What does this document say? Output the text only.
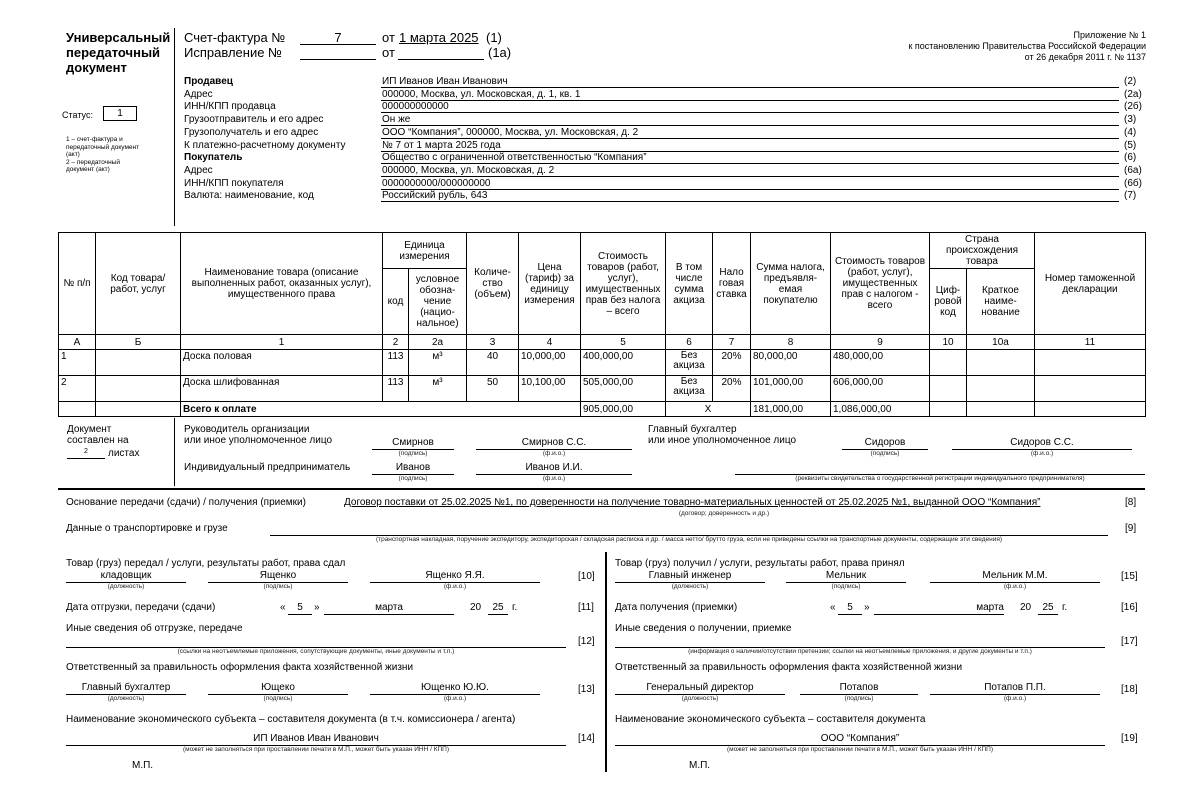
Универсальный
передаточный
документ
Статус:	1
1 – счет-фактура и
передаточный документ
(акт)
2 – передаточный
документ (акт)
Счет-фактура №	7	от 1 марта 2025 (1)
Исправление №	от	(1а)
Приложение № 1
к постановлению Правительства Российской Федерации
от 26 декабря 2011 г. № 1137
Продавец	ИП Иванов Иван Иванович	(2)
Адрес	000000, Москва, ул. Московская, д. 1, кв. 1	(2а)
ИНН/КПП продавца	000000000000	(2б)
Грузоотправитель и его адрес	Он же	(3)
Грузополучатель и его адрес	ООО “Компания”, 000000, Москва, ул. Московская, д. 2	(4)
К платежно-расчетному документу	№ 7 от 1 марта 2025 года	(5)
Покупатель	Общество с ограниченной ответственностью “Компания”	(6)
Адрес	000000, Москва, ул. Московская, д. 2	(6а)
ИНН/КПП покупателя	0000000000/000000000	(6б)
Валюта: наименование, код	Российский рубль, 643	(7)
№ п/п	Код товара/ работ, услуг	Наименование товара (описание выполненных работ, оказанных услуг), имущественного права	Единица измерения		Количе- ство (объем)	Цена (тариф) за единицу измерения	Стоимость товаров (работ, услуг), имущественных прав без налога – всего	В том числе сумма акциза	Нало говая ставка	Сумма налога, предъявля- емая покупателю	Стоимость товаров (работ, услуг), имущественных прав с налогом - всего	Страна происхождения товара		Номер таможенной декларации
			код	условное обозна- чение (нацио- нальное)								Циф- ровой код	Краткое наиме- нование	
А	Б	1	2	2а	3	4	5	6	7	8	9	10	10а	11
1		Доска половая	113	м³	40	10,000,00	400,000,00	Без акциза	20%	80,000,00	480,000,00			
2		Доска шлифованная	113	м³	50	10,100,00	505,000,00	Без акциза	20%	101,000,00	606,000,00			
		Всего к оплате					905,000,00	X		181,000,00	1,086,000,00			
Документ
составлен на
2	листах
Руководитель организации
или иное уполномоченное лицо	Смирнов
(подпись)
Смирнов С.С.
(ф.и.о.)
Индивидуальный предприниматель	Иванов
(подпись)
Иванов И.И.
(ф.и.о.)
Главный бухгалтер
или иное уполномоченное лицо	Сидоров
(подпись)
Сидоров С.С.
(ф.и.о.)
(реквизиты свидетельства о государственной регистрации индивидуального предпринимателя)
Основание передачи (сдачи) / получения (приемки)	Договор поставки от 25.02.2025 №1, по доверенности на получение товарно-материальных ценностей от 25.02.2025 №1, выданной ООО “Компания”
(договор; доверенность и др.)
[8]
Данные о транспортировке и грузе
(транспортная накладная, поручение экспедитору, экспедиторская / складская расписка и др. / масса нетто/ брутто груза, если не приведены ссылки на транспортные документы, содержащие эти сведения)
[9]
Товар (груз) передал / услуги, результаты работ, права сдал
кладовщик
(должность)
Ященко
(подпись)
Ященко Я.Я.
(ф.и.о.)
[10]
Дата отгрузки, передачи (сдачи)	«	5	»	марта	20	25 г.	[11]
Иные сведения об отгрузке, передаче
(ссылки на неотъемлемые приложения, сопутствующие документы, иные документы и т.п.)
[12]
Ответственный за правильность оформления факта хозяйственной жизни
Главный бухгалтер
(должность)
Ющеко
(подпись)
Ющенко Ю.Ю.
(ф.и.о.)
[13]
Наименование экономического субъекта – составителя документа (в т.ч. комиссионера / агента)
ИП Иванов Иван Иванович
(может не заполняться при проставлении печати в М.П., может быть указан ИНН / КПП)
[14]
М.П.
Товар (груз) получил / услуги, результаты работ, права принял
Главный инженер
(должность)
Мельник
(подпись)
Мельник М.М.
(ф.и.о.)
[15]
Дата получения (приемки)	«	5	»	марта 20	25 г.	[16]
Иные сведения о получении, приемке
(информация о наличии/отсутствии претензии; ссылки на неотъемлемые приложения, и другие документы и т.п.)
[17]
Ответственный за правильность оформления факта хозяйственной жизни
Генеральный директор
(должность)
Потапов
(подпись)
Потапов П.П.
(ф.и.о.)
[18]
Наименование экономического субъекта – составителя документа
ООО “Компания”
(может не заполняться при проставлении печати в М.П., может быть указан ИНН / КПП)
[19]
М.П.
